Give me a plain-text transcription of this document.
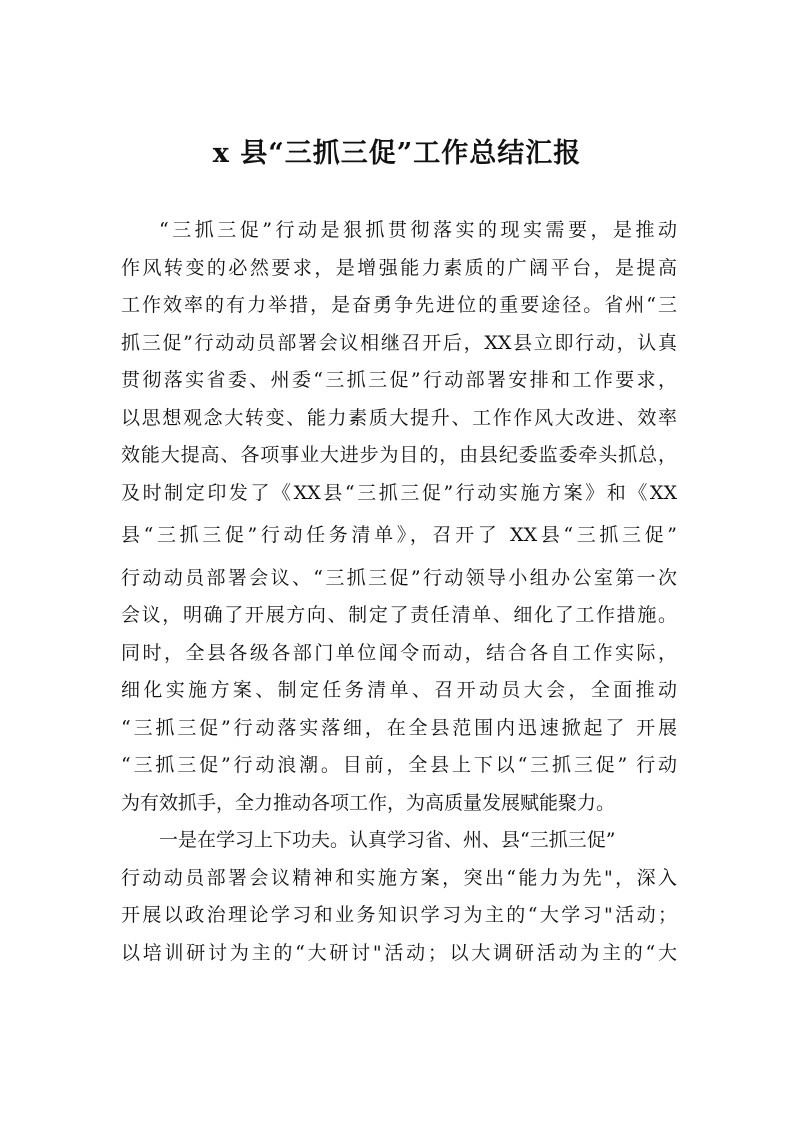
x 县“三抓三促”工作总结汇报
“三抓三促”行动是狠抓贯彻落实的现实需要，是推动
作风转变的必然要求，是增强能力素质的广阔平台，是提高
工作效率的有力举措，是奋勇争先进位的重要途径。省州“三
抓三促”行动动员部署会议相继召开后，XX县立即行动，认真
贯彻落实省委、州委“三抓三促”行动部署安排和工作要求，
以思想观念大转变、能力素质大提升、工作作风大改进、效率
效能大提高、各项事业大进步为目的，由县纪委监委牵头抓总，
及时制定印发了《XX县“三抓三促”行动实施方案》和《XX
县“三抓三促”行动任务清单》，召开了 XX县“三抓三促”
行动动员部署会议、“三抓三促”行动领导小组办公室第一次
会议，明确了开展方向、制定了责任清单、细化了工作措施。
同时，全县各级各部门单位闻令而动，结合各自工作实际，
细化实施方案、制定任务清单、召开动员大会，全面推动
“三抓三促”行动落实落细，在全县范围内迅速掀起了 开展
“三抓三促”行动浪潮。目前，全县上下以“三抓三促” 行动
为有效抓手，全力推动各项工作，为高质量发展赋能聚力。
一是在学习上下功夫。认真学习省、州、县“三抓三促”
行动动员部署会议精神和实施方案，突出“能力为先"，深入
开展以政治理论学习和业务知识学习为主的“大学习"活动；
以培训研讨为主的“大研讨"活动；以大调研活动为主的“大
